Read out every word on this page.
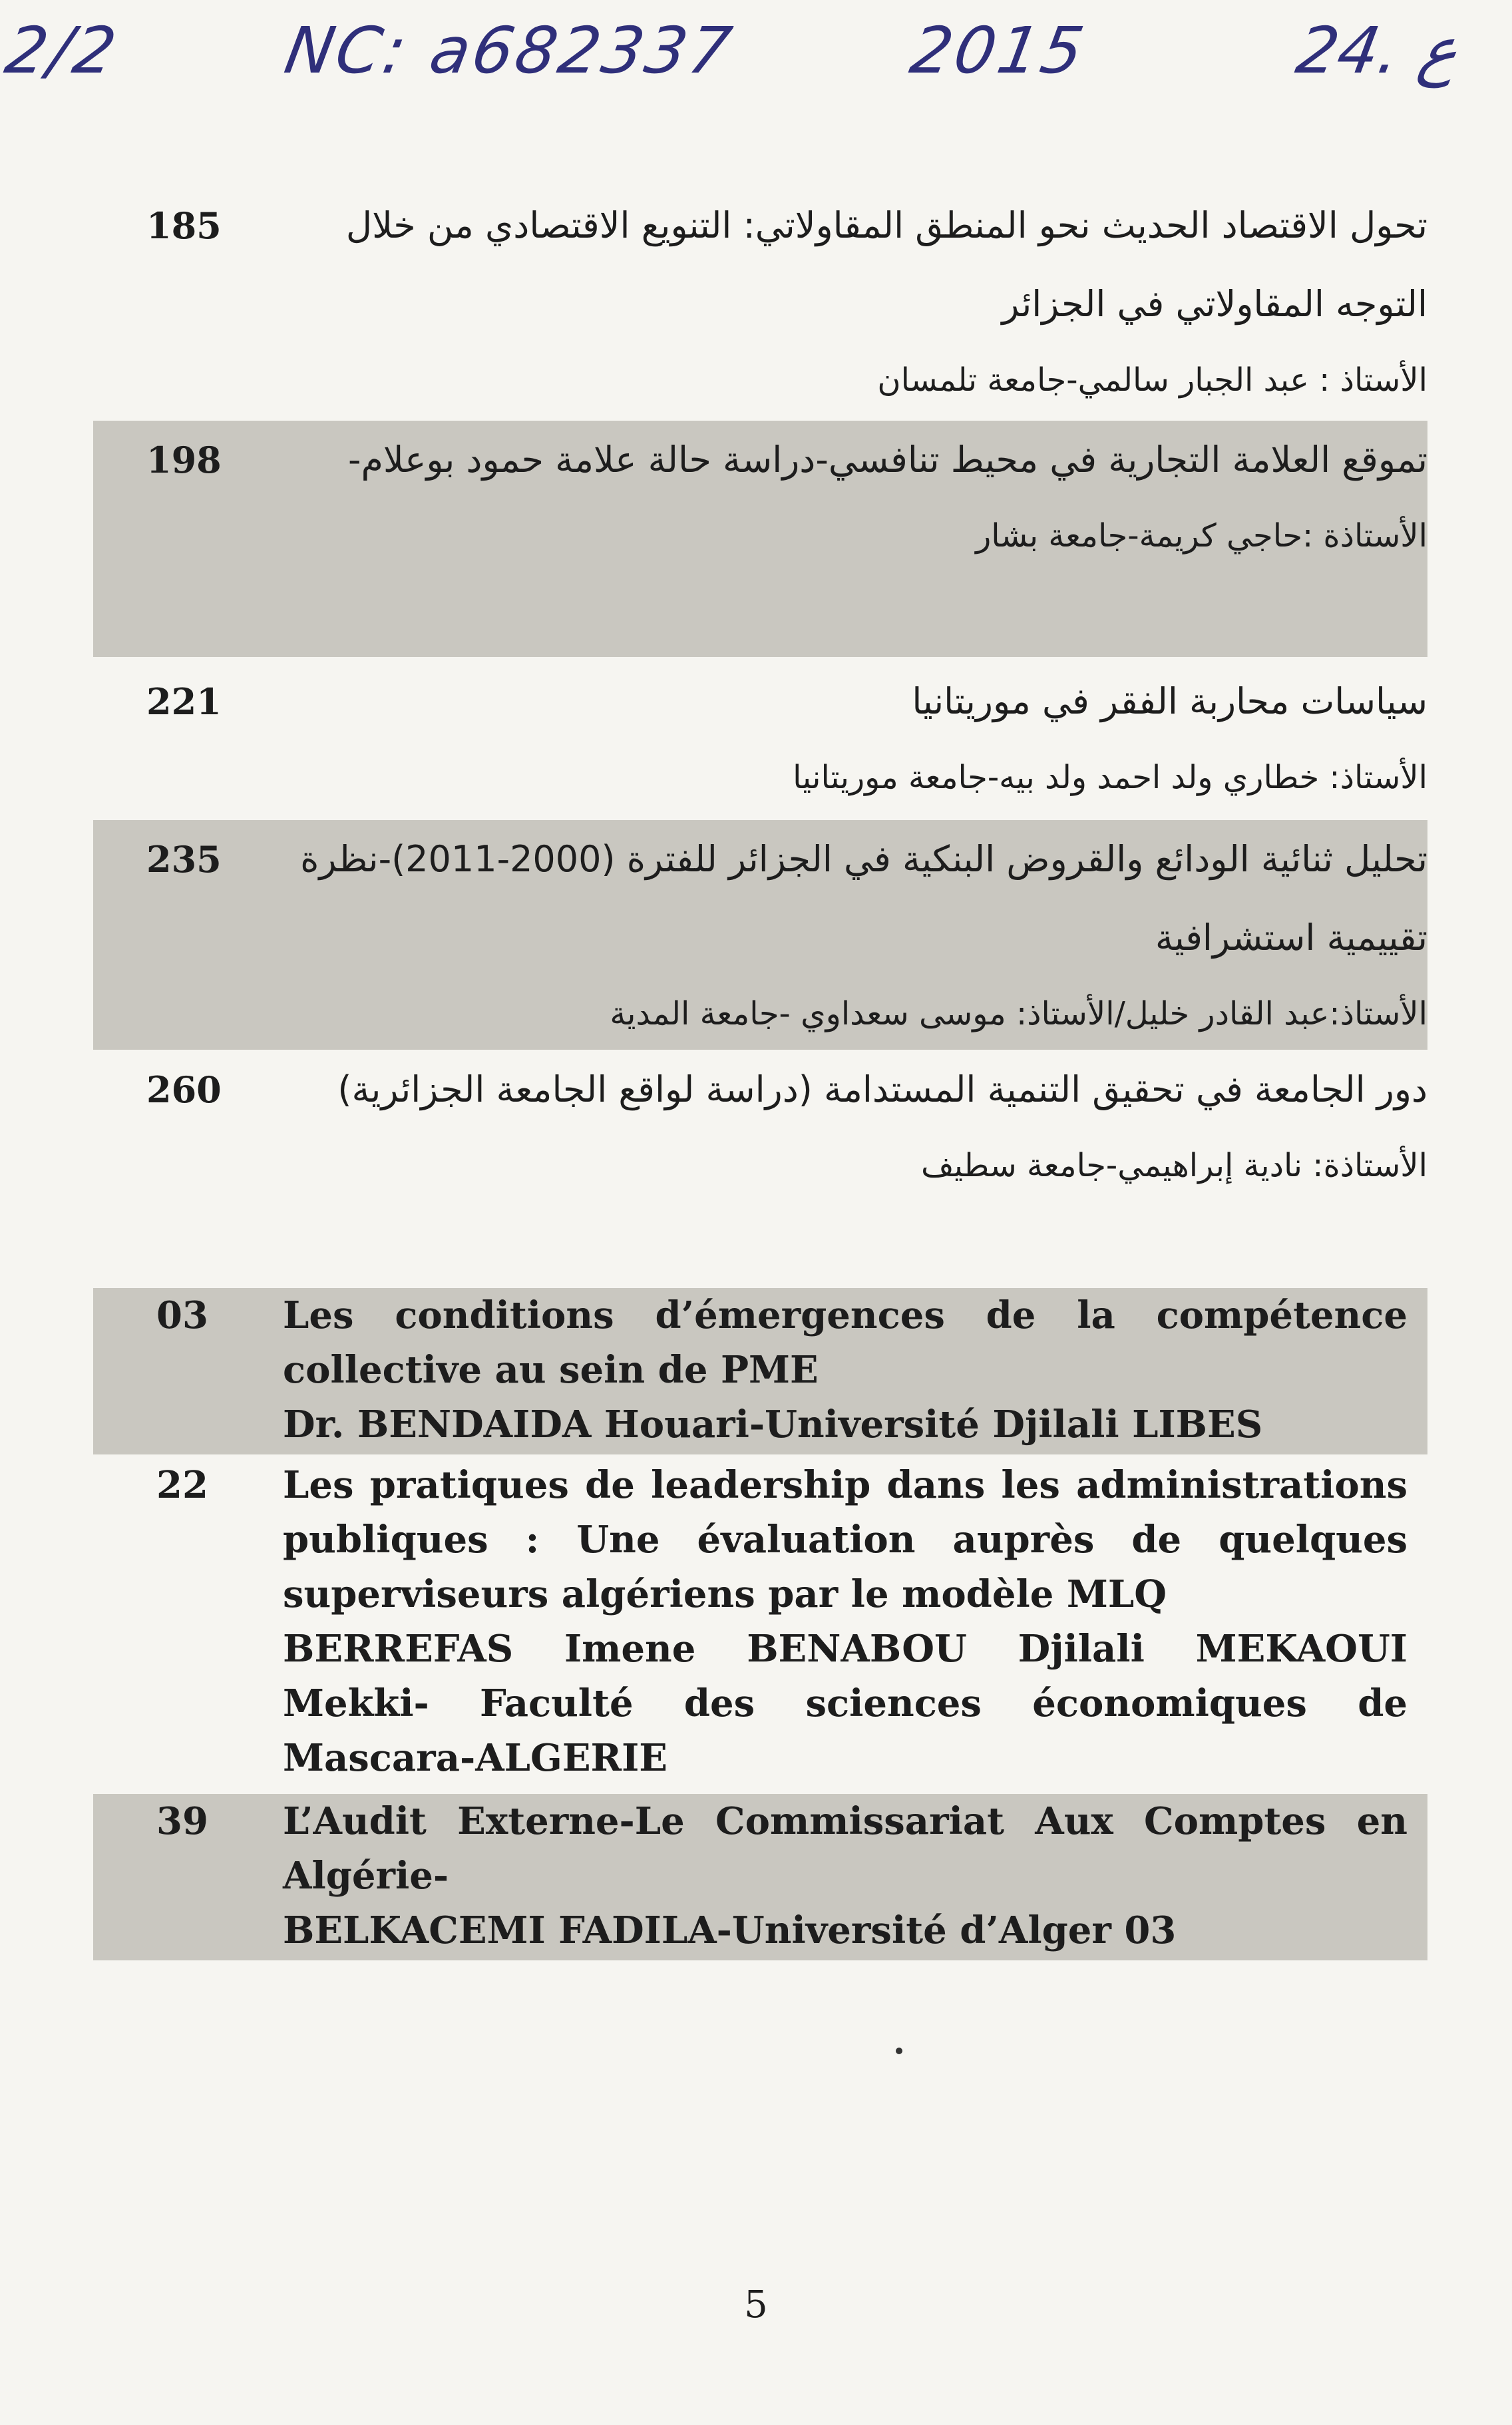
2/2 NC: a682337	2015	24. ع
185	تحول الاقتصاد الحديث نحو المنطق المقاولاتي: التنويع الاقتصادي من خلال التوجه المقاولاتي في الجزائر
الأستاذ : عبد الجبار سالمي-جامعة تلمسان
198	تموقع العلامة التجارية في محيط تنافسي-دراسة حالة علامة حمود بوعلام-
الأستاذة :حاجي كريمة-جامعة بشار
221	سياسات محاربة الفقر في موريتانيا
الأستاذ: خطاري ولد احمد ولد بيه-جامعة موريتانيا
235	تحليل ثنائية الودائع والقروض البنكية في الجزائر للفترة (2000-2011)-نظرة تقييمية استشرافية
الأستاذ:عبد القادر خليل/الأستاذ: موسى سعداوي -جامعة المدية
260	دور الجامعة في تحقيق التنمية المستدامة (دراسة لواقع الجامعة الجزائرية)
الأستاذة: نادية إبراهيمي-جامعة سطيف
03 Les conditions d’émergences de la compétence collective au sein de PME
Dr. BENDAIDA Houari-Université Djilali LIBES
22 Les pratiques de leadership dans les administrations publiques : Une évaluation auprès de quelques superviseurs algériens par le modèle MLQ
BERREFAS Imene BENABOU Djilali MEKAOUI Mekki- Faculté des sciences économiques de Mascara-ALGERIE
39 L’Audit Externe-Le Commissariat Aux Comptes en Algérie-
BELKACEMI FADILA-Université d’Alger 03
5
